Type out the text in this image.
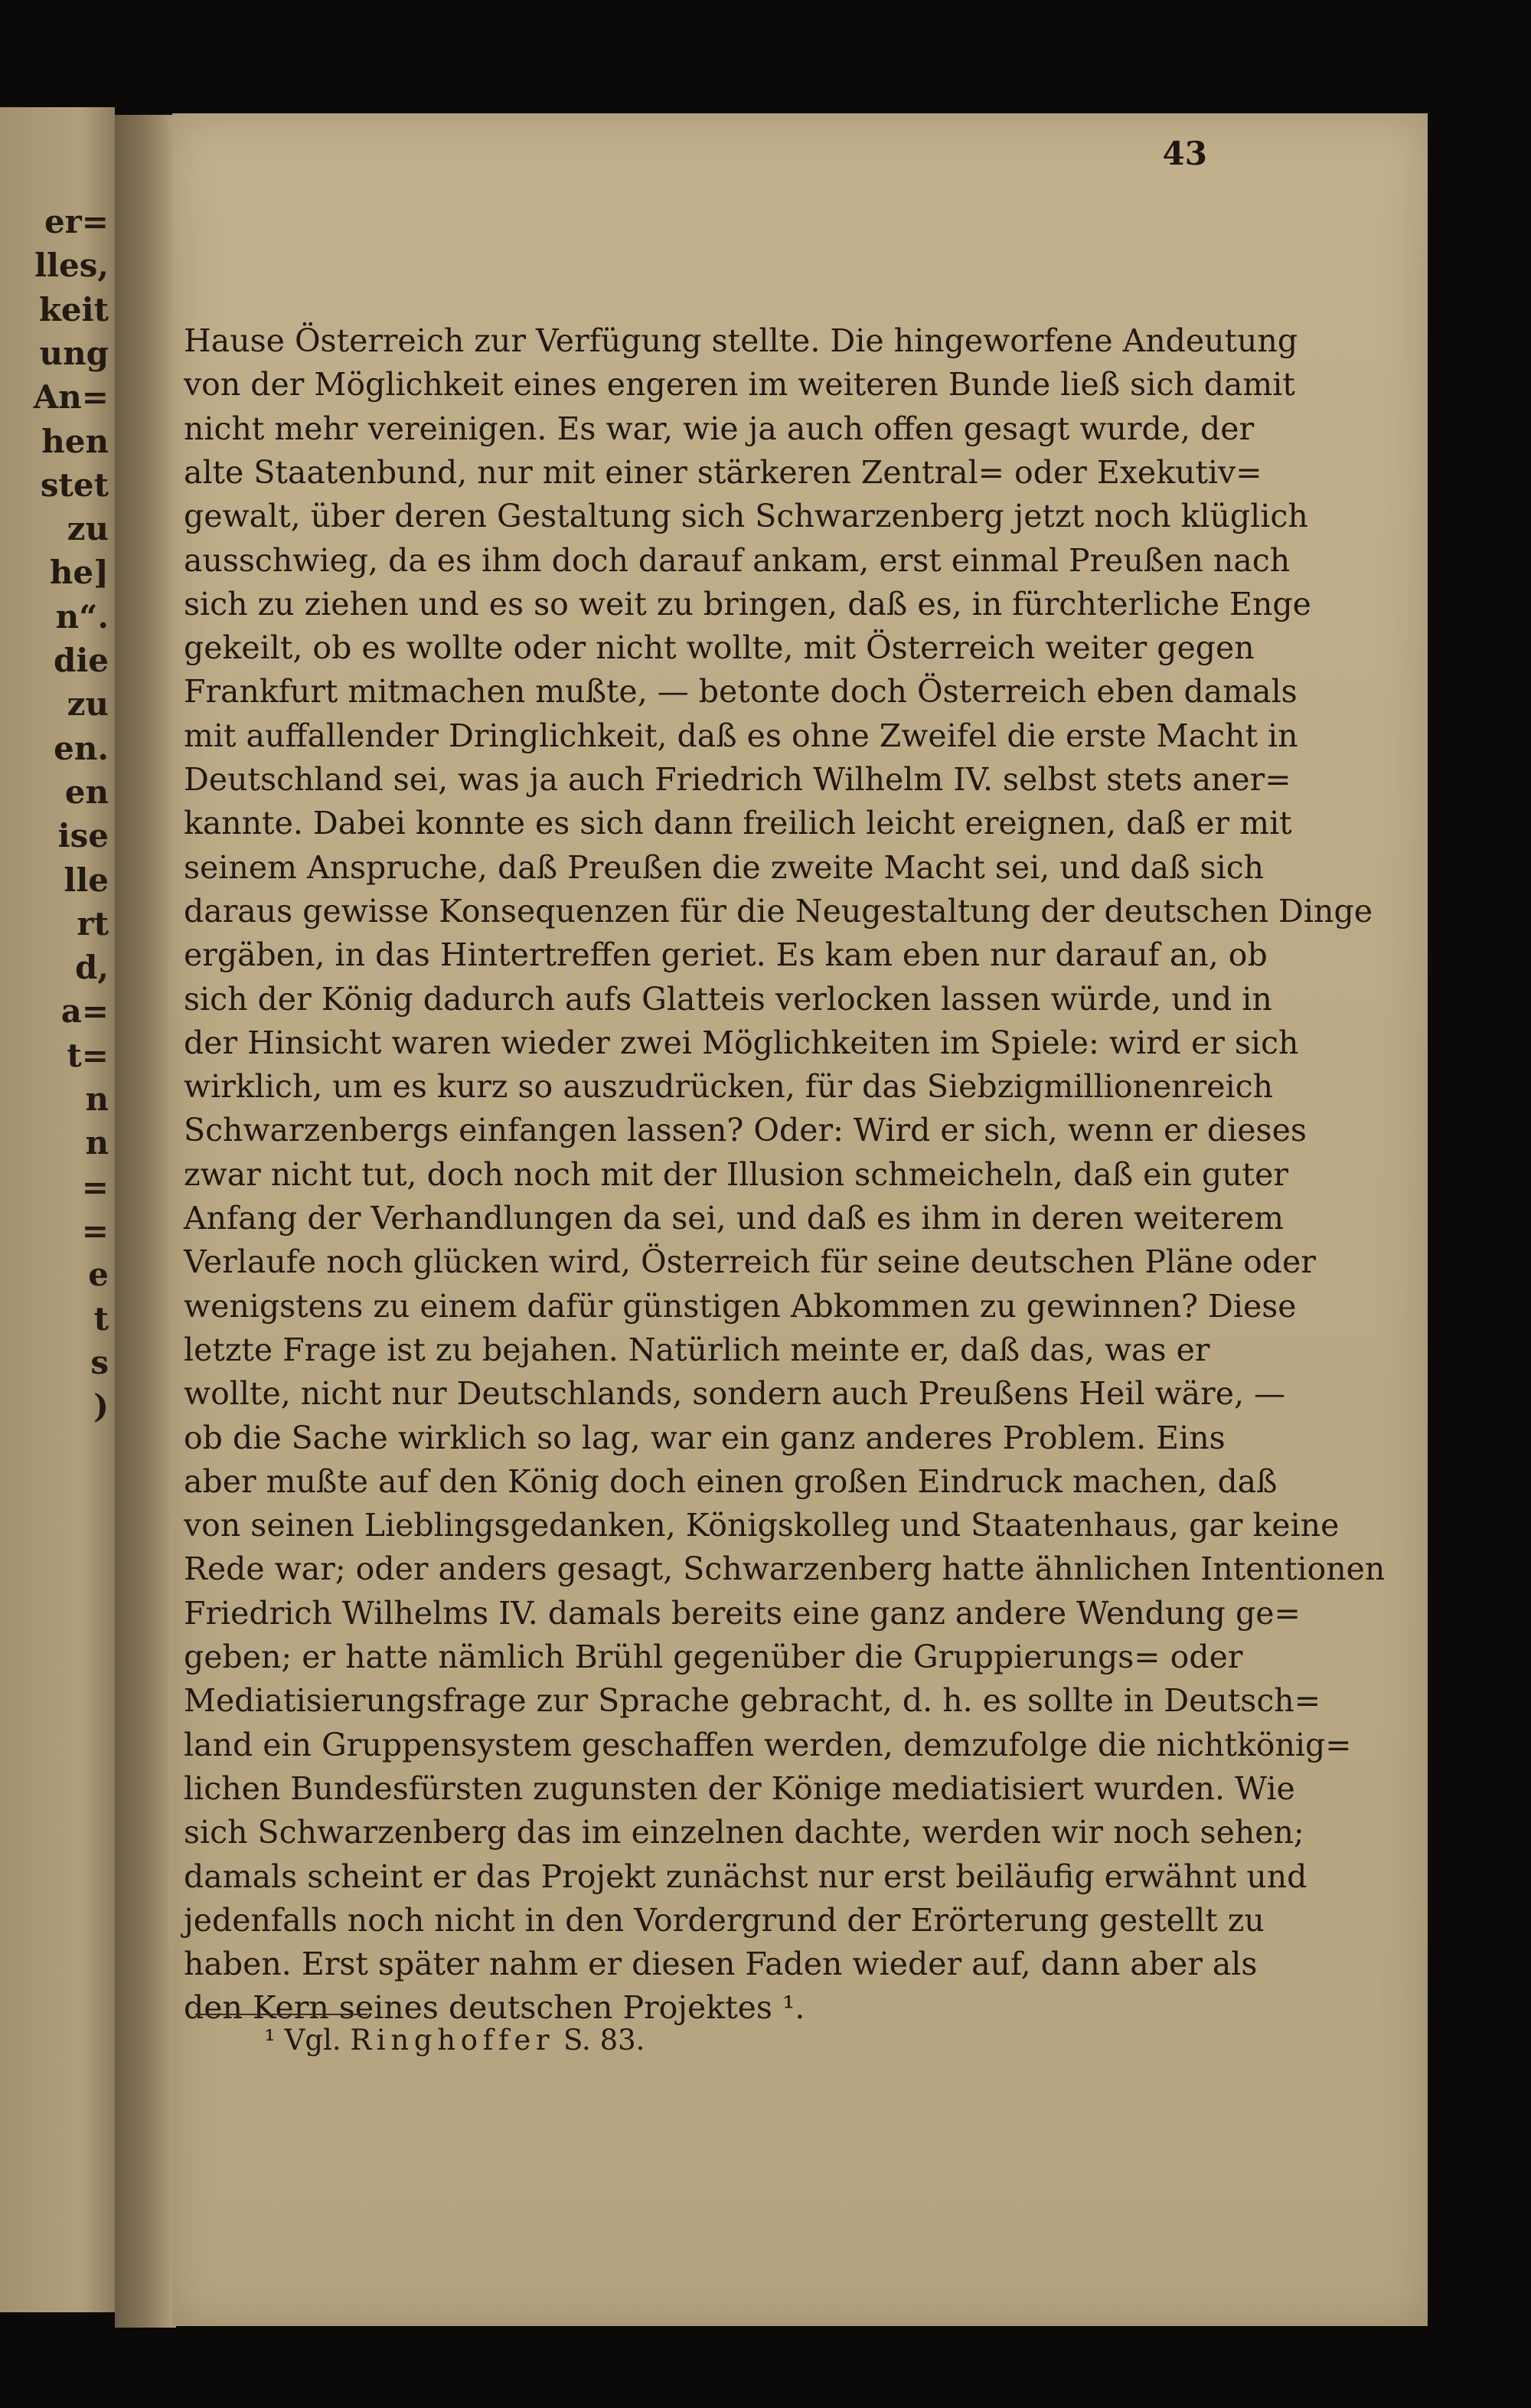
er=

lles,

keit

ung

An=

hen

stet

zu

he]

n“.

die

zu

en.

en

ise

lle

rt

d,

a=

t=

n

n

=

=

e

t

s

)

43

Hause Österreich zur Verfügung stellte. Die hingeworfene Andeutung

von der Möglichkeit eines engeren im weiteren Bunde ließ sich damit

nicht mehr vereinigen. Es war, wie ja auch offen gesagt wurde, der

alte Staatenbund, nur mit einer stärkeren Zentral= oder Exekutiv=

gewalt, über deren Gestaltung sich Schwarzenberg jetzt noch klüglich

ausschwieg, da es ihm doch darauf ankam, erst einmal Preußen nach

sich zu ziehen und es so weit zu bringen, daß es, in fürchterliche Enge

gekeilt, ob es wollte oder nicht wollte, mit Österreich weiter gegen

Frankfurt mitmachen mußte, — betonte doch Österreich eben damals

mit auffallender Dringlichkeit, daß es ohne Zweifel die erste Macht in

Deutschland sei, was ja auch Friedrich Wilhelm IV. selbst stets aner=

kannte. Dabei konnte es sich dann freilich leicht ereignen, daß er mit

seinem Anspruche, daß Preußen die zweite Macht sei, und daß sich

daraus gewisse Konsequenzen für die Neugestaltung der deutschen Dinge

ergäben, in das Hintertreffen geriet. Es kam eben nur darauf an, ob

sich der König dadurch aufs Glatteis verlocken lassen würde, und in

der Hinsicht waren wieder zwei Möglichkeiten im Spiele: wird er sich

wirklich, um es kurz so auszudrücken, für das Siebzigmillionenreich

Schwarzenbergs einfangen lassen? Oder: Wird er sich, wenn er dieses

zwar nicht tut, doch noch mit der Illusion schmeicheln, daß ein guter

Anfang der Verhandlungen da sei, und daß es ihm in deren weiterem

Verlaufe noch glücken wird, Österreich für seine deutschen Pläne oder

wenigstens zu einem dafür günstigen Abkommen zu gewinnen? Diese

letzte Frage ist zu bejahen. Natürlich meinte er, daß das, was er

wollte, nicht nur Deutschlands, sondern auch Preußens Heil wäre, —

ob die Sache wirklich so lag, war ein ganz anderes Problem. Eins

aber mußte auf den König doch einen großen Eindruck machen, daß

von seinen Lieblingsgedanken, Königskolleg und Staatenhaus, gar keine

Rede war; oder anders gesagt, Schwarzenberg hatte ähnlichen Intentionen

Friedrich Wilhelms IV. damals bereits eine ganz andere Wendung ge=

geben; er hatte nämlich Brühl gegenüber die Gruppierungs= oder

Mediatisierungsfrage zur Sprache gebracht, d. h. es sollte in Deutsch=

land ein Gruppensystem geschaffen werden, demzufolge die nichtkönig=

lichen Bundesfürsten zugunsten der Könige mediatisiert wurden. Wie

sich Schwarzenberg das im einzelnen dachte, werden wir noch sehen;

damals scheint er das Projekt zunächst nur erst beiläufig erwähnt und

jedenfalls noch nicht in den Vordergrund der Erörterung gestellt zu

haben. Erst später nahm er diesen Faden wieder auf, dann aber als

den Kern seines deutschen Projektes ¹.

¹ Vgl. Ringhoffer S. 83.
